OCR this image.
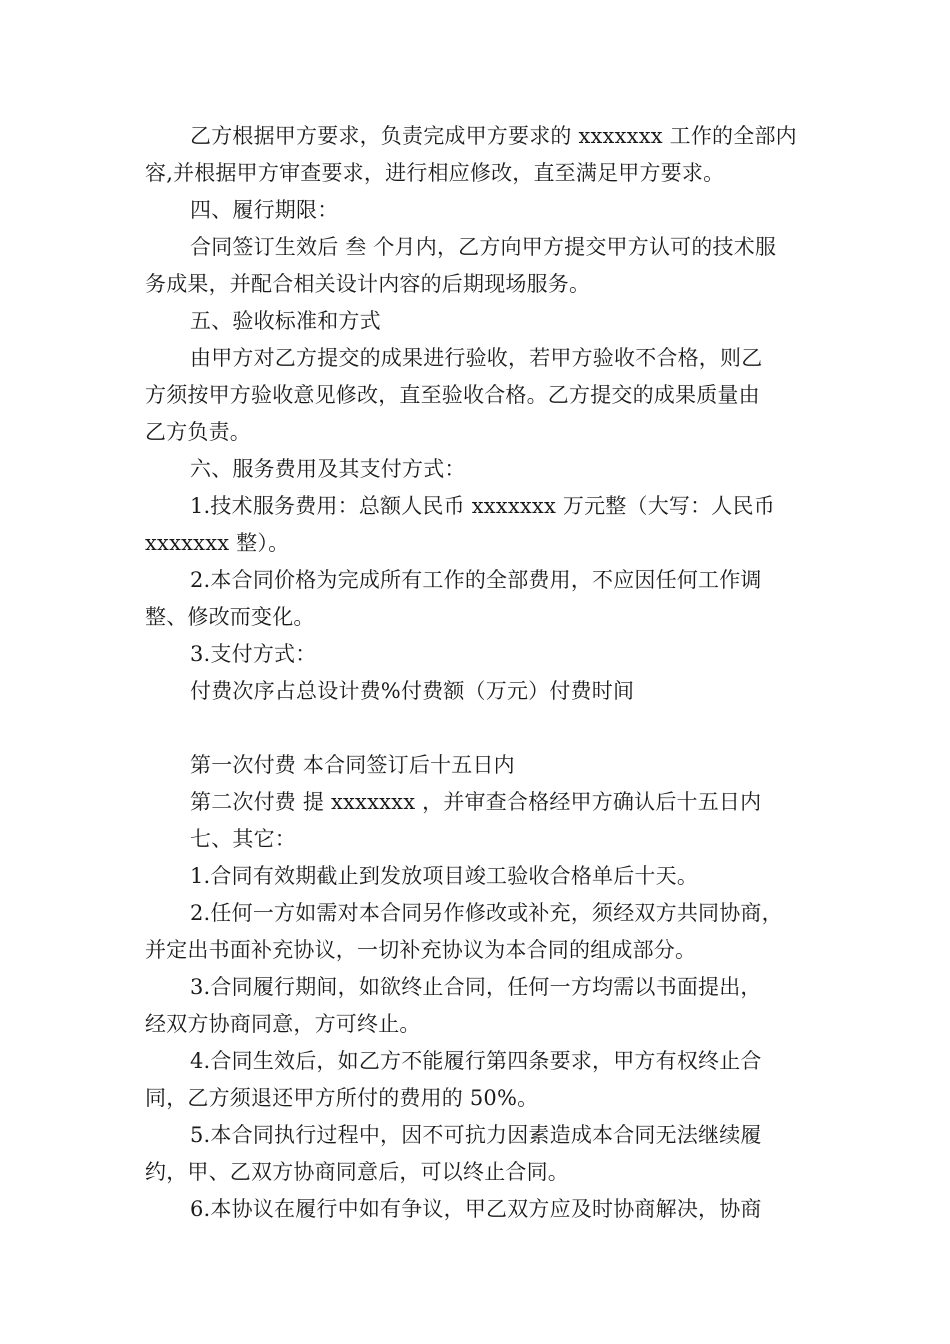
乙方根据甲方要求，负责完成甲方要求的 xxxxxxx 工作的全部内
容,并根据甲方审查要求，进行相应修改，直至满足甲方要求。
四、履行期限：
合同签订生效后 叁 个月内，乙方向甲方提交甲方认可的技术服
务成果，并配合相关设计内容的后期现场服务。
五、验收标准和方式
由甲方对乙方提交的成果进行验收，若甲方验收不合格，则乙
方须按甲方验收意见修改，直至验收合格。乙方提交的成果质量由
乙方负责。
六、服务费用及其支付方式：
1.技术服务费用：总额人民币 xxxxxxx 万元整（大写：人民币
xxxxxxx 整）。
2.本合同价格为完成所有工作的全部费用，不应因任何工作调
整、修改而变化。
3.支付方式：
付费次序占总设计费%付费额（万元）付费时间
第一次付费 本合同签订后十五日内
第二次付费 提 xxxxxxx ，并审查合格经甲方确认后十五日内
七、其它：
1.合同有效期截止到发放项目竣工验收合格单后十天。
2.任何一方如需对本合同另作修改或补充，须经双方共同协商，
并定出书面补充协议，一切补充协议为本合同的组成部分。
3.合同履行期间，如欲终止合同，任何一方均需以书面提出，
经双方协商同意，方可终止。
4.合同生效后，如乙方不能履行第四条要求，甲方有权终止合
同，乙方须退还甲方所付的费用的 50%。
5.本合同执行过程中，因不可抗力因素造成本合同无法继续履
约，甲、乙双方协商同意后，可以终止合同。
6.本协议在履行中如有争议，甲乙双方应及时协商解决，协商
